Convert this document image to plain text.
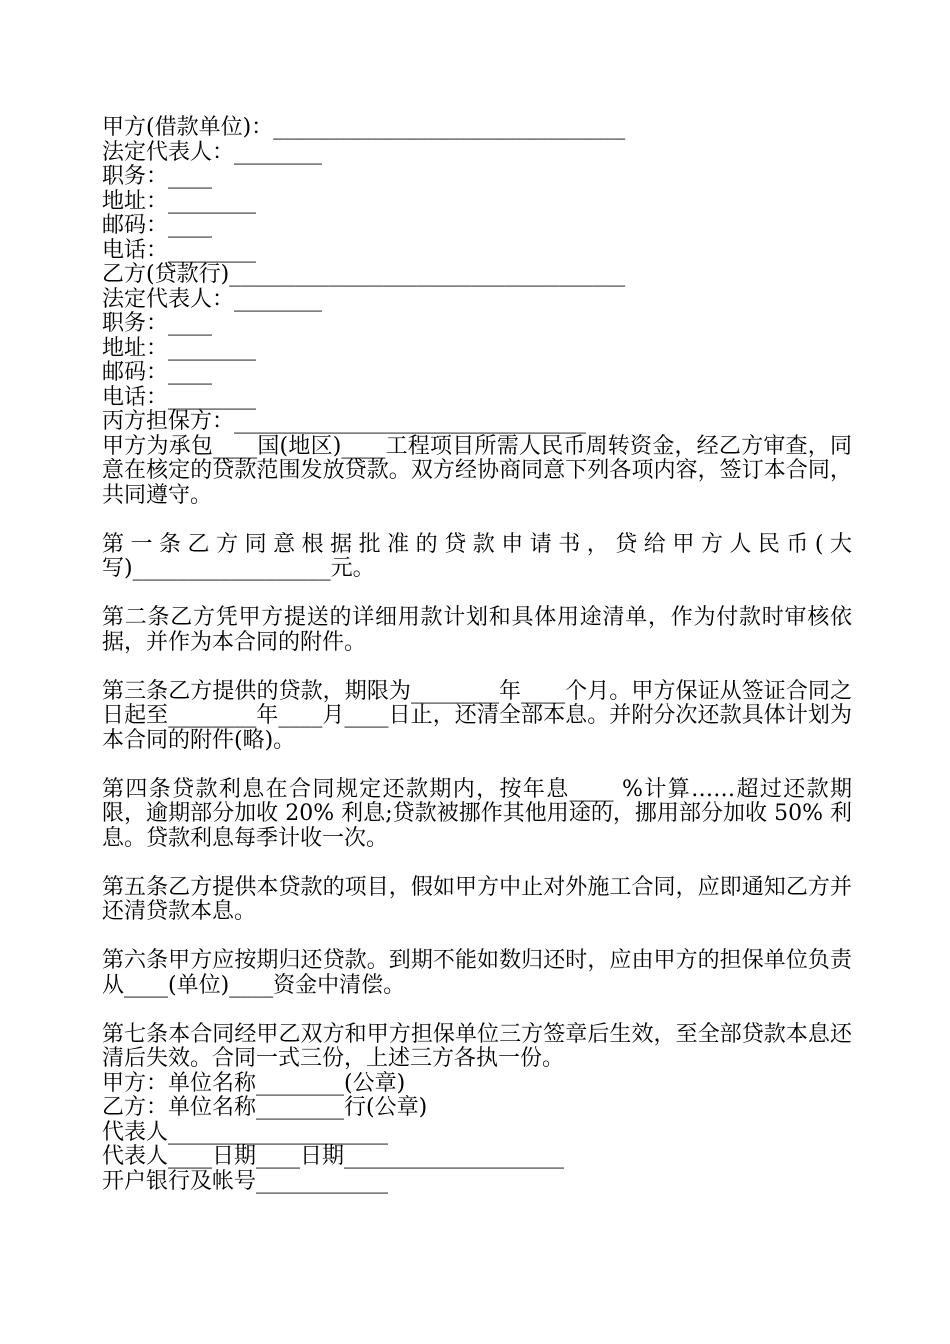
甲方(借款单位)：________________________________
法定代表人：________
职务：____
地址：________
邮码：____
电话：________
乙方(贷款行)____________________________________
法定代表人：________
职务：____
地址：________
邮码：____
电话：________
丙方担保方：________________________________
甲方为承包____国(地区)____工程项目所需人民币周转资金，经乙方审查，同意在核定的贷款范围发放贷款。双方经协商同意下列各项内容，签订本合同，共同遵守。
第一条乙方同意根据批准的贷款申请书，贷给甲方人民币(大写)__________________元。
第二条乙方凭甲方提送的详细用款计划和具体用途清单，作为付款时审核依据，并作为本合同的附件。
第三条乙方提供的贷款，期限为________年____个月。甲方保证从签证合同之日起至________年____月____日止，还清全部本息。并附分次还款具体计划为本合同的附件(略)。
第四条贷款利息在合同规定还款期内，按年息____ %计算……超过还款期限，逾期部分加收 20% 利息;贷款被挪作其他用途的，挪用部分加收 50% 利息。贷款利息每季计收一次。
第五条乙方提供本贷款的项目，假如甲方中止对外施工合同，应即通知乙方并还清贷款本息。
第六条甲方应按期归还贷款。到期不能如数归还时，应由甲方的担保单位负责从____(单位)____资金中清偿。
第七条本合同经甲乙双方和甲方担保单位三方签章后生效，至全部贷款本息还清后失效。合同一式三份，上述三方各执一份。
甲方：单位名称________(公章)
乙方：单位名称________行(公章)
代表人____________________
代表人____日期____日期____________________
开户银行及帐号____________
